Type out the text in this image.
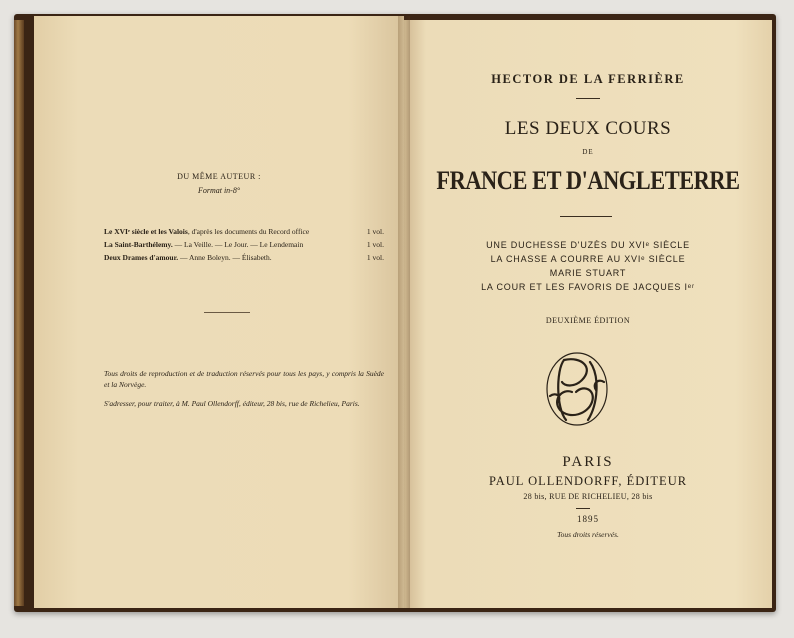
DU MÊME AUTEUR :
Format in-8°
Le XVIᵉ siècle et les Valois, d'après les documents du Record office	1 vol.
La Saint-Barthélemy. — La Veille. — Le Jour. — Le Lendemain	1 vol.
Deux Drames d'amour. — Anne Boleyn. — Élisabeth.	1 vol.
Tous droits de reproduction et de traduction réservés pour tous les pays, y compris la Suède et la Norvège.
S'adresser, pour traiter, à M. Paul Ollendorff, éditeur, 28 bis, rue de Richelieu, Paris.
HECTOR DE LA FERRIÈRE
LES DEUX COURS
DE
FRANCE ET D'ANGLETERRE
UNE DUCHESSE D'UZÈS DU XVIᵉ SIÈCLE
LA CHASSE A COURRE AU XVIᵉ SIÈCLE
MARIE STUART
LA COUR ET LES FAVORIS DE JACQUES Iᵉʳ
DEUXIÈME ÉDITION
PARIS
PAUL OLLENDORFF, ÉDITEUR
28 bis, RUE DE RICHELIEU, 28 bis
1895
Tous droits réservés.
